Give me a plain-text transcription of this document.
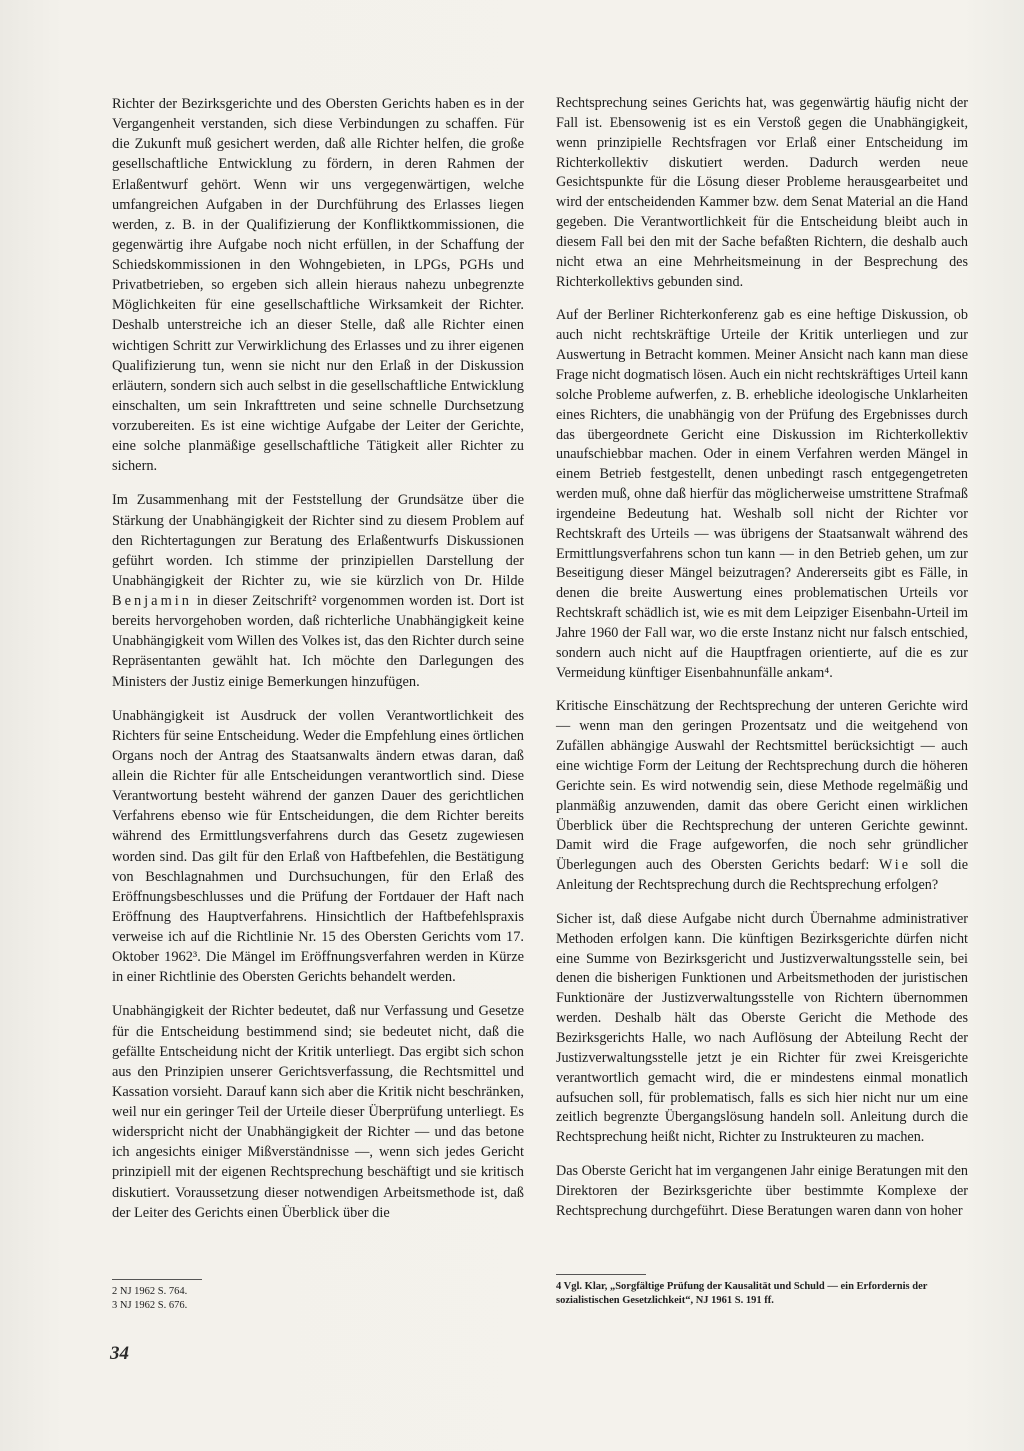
Richter der Bezirksgerichte und des Obersten Gerichts haben es in der Vergangenheit verstanden, sich diese Verbindungen zu schaffen. Für die Zukunft muß gesichert werden, daß alle Richter helfen, die große gesellschaftliche Entwicklung zu fördern, in deren Rahmen der Erlaßentwurf gehört. Wenn wir uns vergegenwärtigen, welche umfangreichen Aufgaben in der Durchführung des Erlasses liegen werden, z. B. in der Qualifizierung der Konfliktkommissionen, die gegenwärtig ihre Aufgabe noch nicht erfüllen, in der Schaffung der Schiedskommissionen in den Wohngebieten, in LPGs, PGHs und Privatbetrieben, so ergeben sich allein hieraus nahezu unbegrenzte Möglichkeiten für eine gesellschaftliche Wirksamkeit der Richter. Deshalb unterstreiche ich an dieser Stelle, daß alle Richter einen wichtigen Schritt zur Verwirklichung des Erlasses und zu ihrer eigenen Qualifizierung tun, wenn sie nicht nur den Erlaß in der Diskussion erläutern, sondern sich auch selbst in die gesellschaftliche Entwicklung einschalten, um sein Inkrafttreten und seine schnelle Durchsetzung vorzubereiten. Es ist eine wichtige Aufgabe der Leiter der Gerichte, eine solche planmäßige gesellschaftliche Tätigkeit aller Richter zu sichern.

Im Zusammenhang mit der Feststellung der Grundsätze über die Stärkung der Unabhängigkeit der Richter sind zu diesem Problem auf den Richtertagungen zur Beratung des Erlaßentwurfs Diskussionen geführt worden. Ich stimme der prinzipiellen Darstellung der Unabhängigkeit der Richter zu, wie sie kürzlich von Dr. Hilde Benjamin in dieser Zeitschrift² vorgenommen worden ist. Dort ist bereits hervorgehoben worden, daß richterliche Unabhängigkeit keine Unabhängigkeit vom Willen des Volkes ist, das den Richter durch seine Repräsentanten gewählt hat. Ich möchte den Darlegungen des Ministers der Justiz einige Bemerkungen hinzufügen.

Unabhängigkeit ist Ausdruck der vollen Verantwortlichkeit des Richters für seine Entscheidung. Weder die Empfehlung eines örtlichen Organs noch der Antrag des Staatsanwalts ändern etwas daran, daß allein die Richter für alle Entscheidungen verantwortlich sind. Diese Verantwortung besteht während der ganzen Dauer des gerichtlichen Verfahrens ebenso wie für Entscheidungen, die dem Richter bereits während des Ermittlungsverfahrens durch das Gesetz zugewiesen worden sind. Das gilt für den Erlaß von Haftbefehlen, die Bestätigung von Beschlagnahmen und Durchsuchungen, für den Erlaß des Eröffnungsbeschlusses und die Prüfung der Fortdauer der Haft nach Eröffnung des Hauptverfahrens. Hinsichtlich der Haftbefehlspraxis verweise ich auf die Richtlinie Nr. 15 des Obersten Gerichts vom 17. Oktober 1962³. Die Mängel im Eröffnungsverfahren werden in Kürze in einer Richtlinie des Obersten Gerichts behandelt werden.

Unabhängigkeit der Richter bedeutet, daß nur Verfassung und Gesetze für die Entscheidung bestimmend sind; sie bedeutet nicht, daß die gefällte Entscheidung nicht der Kritik unterliegt. Das ergibt sich schon aus den Prinzipien unserer Gerichtsverfassung, die Rechtsmittel und Kassation vorsieht. Darauf kann sich aber die Kritik nicht beschränken, weil nur ein geringer Teil der Urteile dieser Überprüfung unterliegt. Es widerspricht nicht der Unabhängigkeit der Richter — und das betone ich angesichts einiger Mißverständnisse —, wenn sich jedes Gericht prinzipiell mit der eigenen Rechtsprechung beschäftigt und sie kritisch diskutiert. Voraussetzung dieser notwendigen Arbeitsmethode ist, daß der Leiter des Gerichts einen Überblick über die

Rechtsprechung seines Gerichts hat, was gegenwärtig häufig nicht der Fall ist. Ebensowenig ist es ein Verstoß gegen die Unabhängigkeit, wenn prinzipielle Rechtsfragen vor Erlaß einer Entscheidung im Richterkollektiv diskutiert werden. Dadurch werden neue Gesichtspunkte für die Lösung dieser Probleme herausgearbeitet und wird der entscheidenden Kammer bzw. dem Senat Material an die Hand gegeben. Die Verantwortlichkeit für die Entscheidung bleibt auch in diesem Fall bei den mit der Sache befaßten Richtern, die deshalb auch nicht etwa an eine Mehrheitsmeinung in der Besprechung des Richterkollektivs gebunden sind.

Auf der Berliner Richterkonferenz gab es eine heftige Diskussion, ob auch nicht rechtskräftige Urteile der Kritik unterliegen und zur Auswertung in Betracht kommen. Meiner Ansicht nach kann man diese Frage nicht dogmatisch lösen. Auch ein nicht rechtskräftiges Urteil kann solche Probleme aufwerfen, z. B. erhebliche ideologische Unklarheiten eines Richters, die unabhängig von der Prüfung des Ergebnisses durch das übergeordnete Gericht eine Diskussion im Richterkollektiv unaufschiebbar machen. Oder in einem Verfahren werden Mängel in einem Betrieb festgestellt, denen unbedingt rasch entgegengetreten werden muß, ohne daß hierfür das möglicherweise umstrittene Strafmaß irgendeine Bedeutung hat. Weshalb soll nicht der Richter vor Rechtskraft des Urteils — was übrigens der Staatsanwalt während des Ermittlungsverfahrens schon tun kann — in den Betrieb gehen, um zur Beseitigung dieser Mängel beizutragen? Andererseits gibt es Fälle, in denen die breite Auswertung eines problematischen Urteils vor Rechtskraft schädlich ist, wie es mit dem Leipziger Eisenbahn-Urteil im Jahre 1960 der Fall war, wo die erste Instanz nicht nur falsch entschied, sondern auch nicht auf die Hauptfragen orientierte, auf die es zur Vermeidung künftiger Eisenbahnunfälle ankam⁴.

Kritische Einschätzung der Rechtsprechung der unteren Gerichte wird — wenn man den geringen Prozentsatz und die weitgehend von Zufällen abhängige Auswahl der Rechtsmittel berücksichtigt — auch eine wichtige Form der Leitung der Rechtsprechung durch die höheren Gerichte sein. Es wird notwendig sein, diese Methode regelmäßig und planmäßig anzuwenden, damit das obere Gericht einen wirklichen Überblick über die Rechtsprechung der unteren Gerichte gewinnt. Damit wird die Frage aufgeworfen, die noch sehr gründlicher Überlegungen auch des Obersten Gerichts bedarf: Wie soll die Anleitung der Rechtsprechung durch die Rechtsprechung erfolgen?

Sicher ist, daß diese Aufgabe nicht durch Übernahme administrativer Methoden erfolgen kann. Die künftigen Bezirksgerichte dürfen nicht eine Summe von Bezirksgericht und Justizverwaltungsstelle sein, bei denen die bisherigen Funktionen und Arbeitsmethoden der juristischen Funktionäre der Justizverwaltungsstelle von Richtern übernommen werden. Deshalb hält das Oberste Gericht die Methode des Bezirksgerichts Halle, wo nach Auflösung der Abteilung Recht der Justizverwaltungsstelle jetzt je ein Richter für zwei Kreisgerichte verantwortlich gemacht wird, die er mindestens einmal monatlich aufsuchen soll, für problematisch, falls es sich hier nicht nur um eine zeitlich begrenzte Übergangslösung handeln soll. Anleitung durch die Rechtsprechung heißt nicht, Richter zu Instrukteuren zu machen.

Das Oberste Gericht hat im vergangenen Jahr einige Beratungen mit den Direktoren der Bezirksgerichte über bestimmte Komplexe der Rechtsprechung durchgeführt. Diese Beratungen waren dann von hoher

2 NJ 1962 S. 764.
3 NJ 1962 S. 676.
4 Vgl. Klar, „Sorgfältige Prüfung der Kausalität und Schuld — ein Erfordernis der sozialistischen Gesetzlichkeit“, NJ 1961 S. 191 ff.
34
